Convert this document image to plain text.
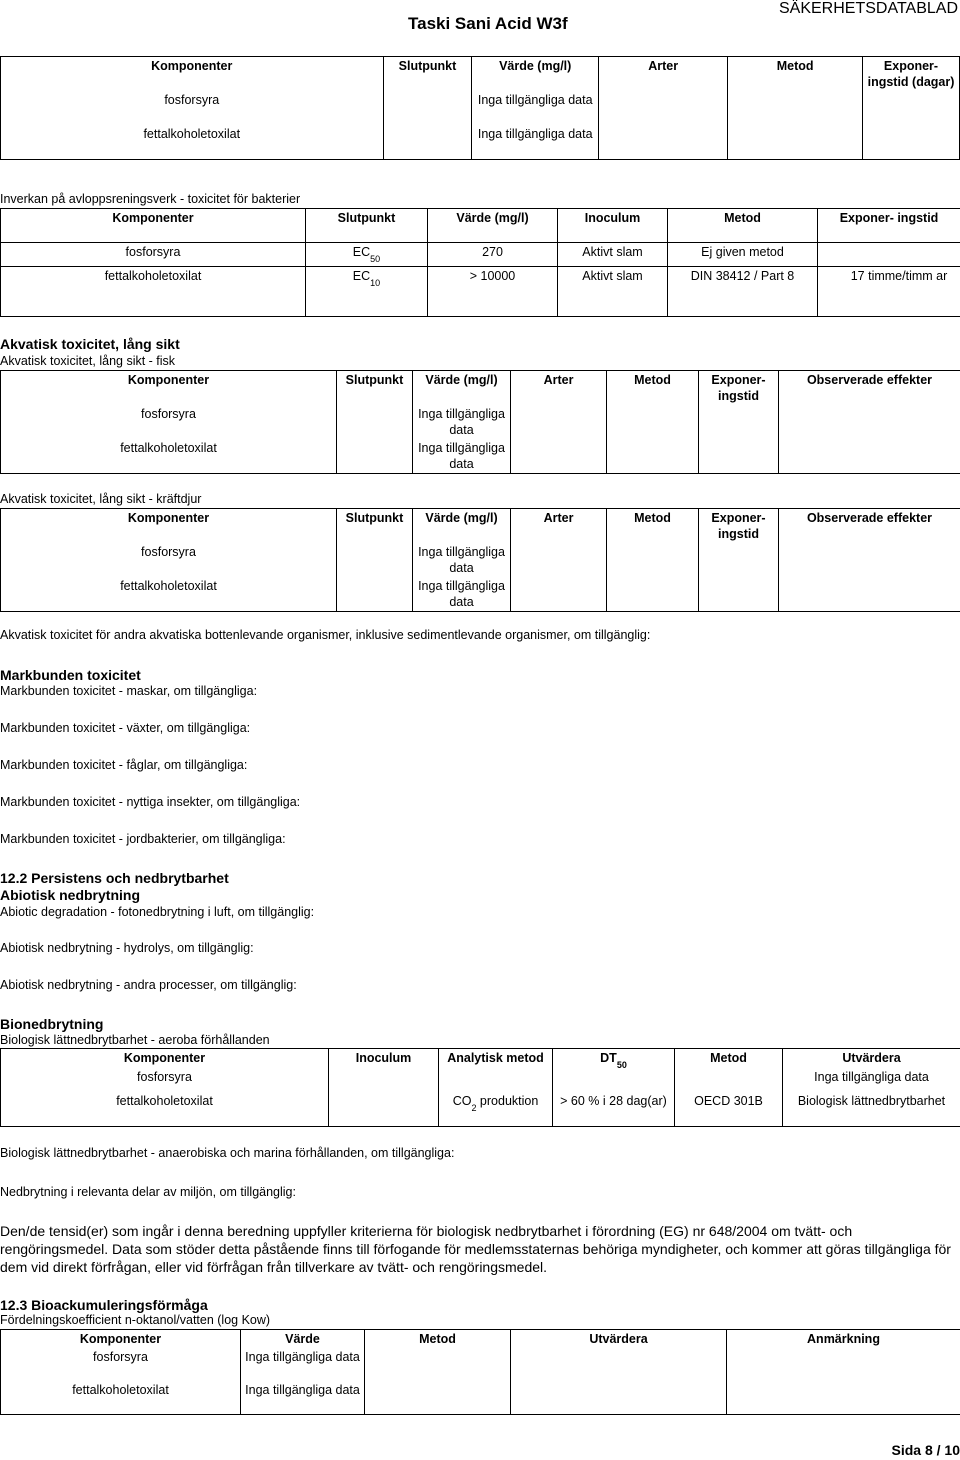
Taski Sani Acid W3f
SÄKERHETSDATABLAD
Komponenter	Slutpunkt	Värde (mg/l)	Arter	Metod	Exponer- ingstid (dagar)
fosforsyra		Inga tillgängliga data			
fettalkoholetoxilat		Inga tillgängliga data			
Inverkan på avloppsreningsverk - toxicitet för bakterier
Komponenter	Slutpunkt	Värde (mg/l)	Inoculum	Metod	Exponer- ingstid
fosforsyra	$EC_{50}$	270	Aktivt slam	Ej given metod	
fettalkoholetoxilat	$EC_{10}$	> 10000	Aktivt slam	DIN 38412 / Part 8	17 timme/timm ar
Akvatisk toxicitet, lång sikt
Akvatisk toxicitet, lång sikt - fisk
Komponenter	Slutpunkt	Värde (mg/l)	Arter	Metod	Exponer- ingstid	Observerade effekter
fosforsyra		Inga tillgängliga data				
fettalkoholetoxilat		Inga tillgängliga data				
Akvatisk toxicitet, lång sikt - kräftdjur
Komponenter	Slutpunkt	Värde (mg/l)	Arter	Metod	Exponer- ingstid	Observerade effekter
fosforsyra		Inga tillgängliga data				
fettalkoholetoxilat		Inga tillgängliga data				
Akvatisk toxicitet för andra akvatiska bottenlevande organismer, inklusive sedimentlevande organismer, om tillgänglig:
Markbunden toxicitet
Markbunden toxicitet - maskar, om tillgängliga:
Markbunden toxicitet - växter, om tillgängliga:
Markbunden toxicitet - fåglar, om tillgängliga:
Markbunden toxicitet - nyttiga insekter, om tillgängliga:
Markbunden toxicitet - jordbakterier, om tillgängliga:
12.2 Persistens och nedbrytbarhet
Abiotisk nedbrytning
Abiotic degradation - fotonedbrytning i luft, om tillgänglig:
Abiotisk nedbrytning - hydrolys, om tillgänglig:
Abiotisk nedbrytning - andra processer, om tillgänglig:
Bionedbrytning
Biologisk lättnedbrytbarhet - aeroba förhållanden
Komponenter	Inoculum	Analytisk metod	$DT_{50}$	Metod	Utvärdera
fosforsyra					Inga tillgängliga data
fettalkoholetoxilat		$CO_2$ produktion	> 60 % i 28 dag(ar)	OECD 301B	Biologisk lättnedbrytbarhet
Biologisk lättnedbrytbarhet - anaerobiska och marina förhållanden, om tillgängliga:
Nedbrytning i relevanta delar av miljön, om tillgänglig:
Den/de tensid(er) som ingår i denna beredning uppfyller kriterierna för biologisk nedbrytbarhet i förordning (EG) nr 648/2004 om tvätt- och rengöringsmedel. Data som stöder detta påstående finns till förfogande för medlemsstaternas behöriga myndigheter, och kommer att göras tillgängliga för dem vid direkt förfrågan, eller vid förfrågan från tillverkare av tvätt- och rengöringsmedel.
12.3 Bioackumuleringsförmåga
Fördelningskoefficient n-oktanol/vatten (log Kow)
Komponenter	Värde	Metod	Utvärdera	Anmärkning
fosforsyra	Inga tillgängliga data			
fettalkoholetoxilat	Inga tillgängliga data			
Sida 8 / 10
